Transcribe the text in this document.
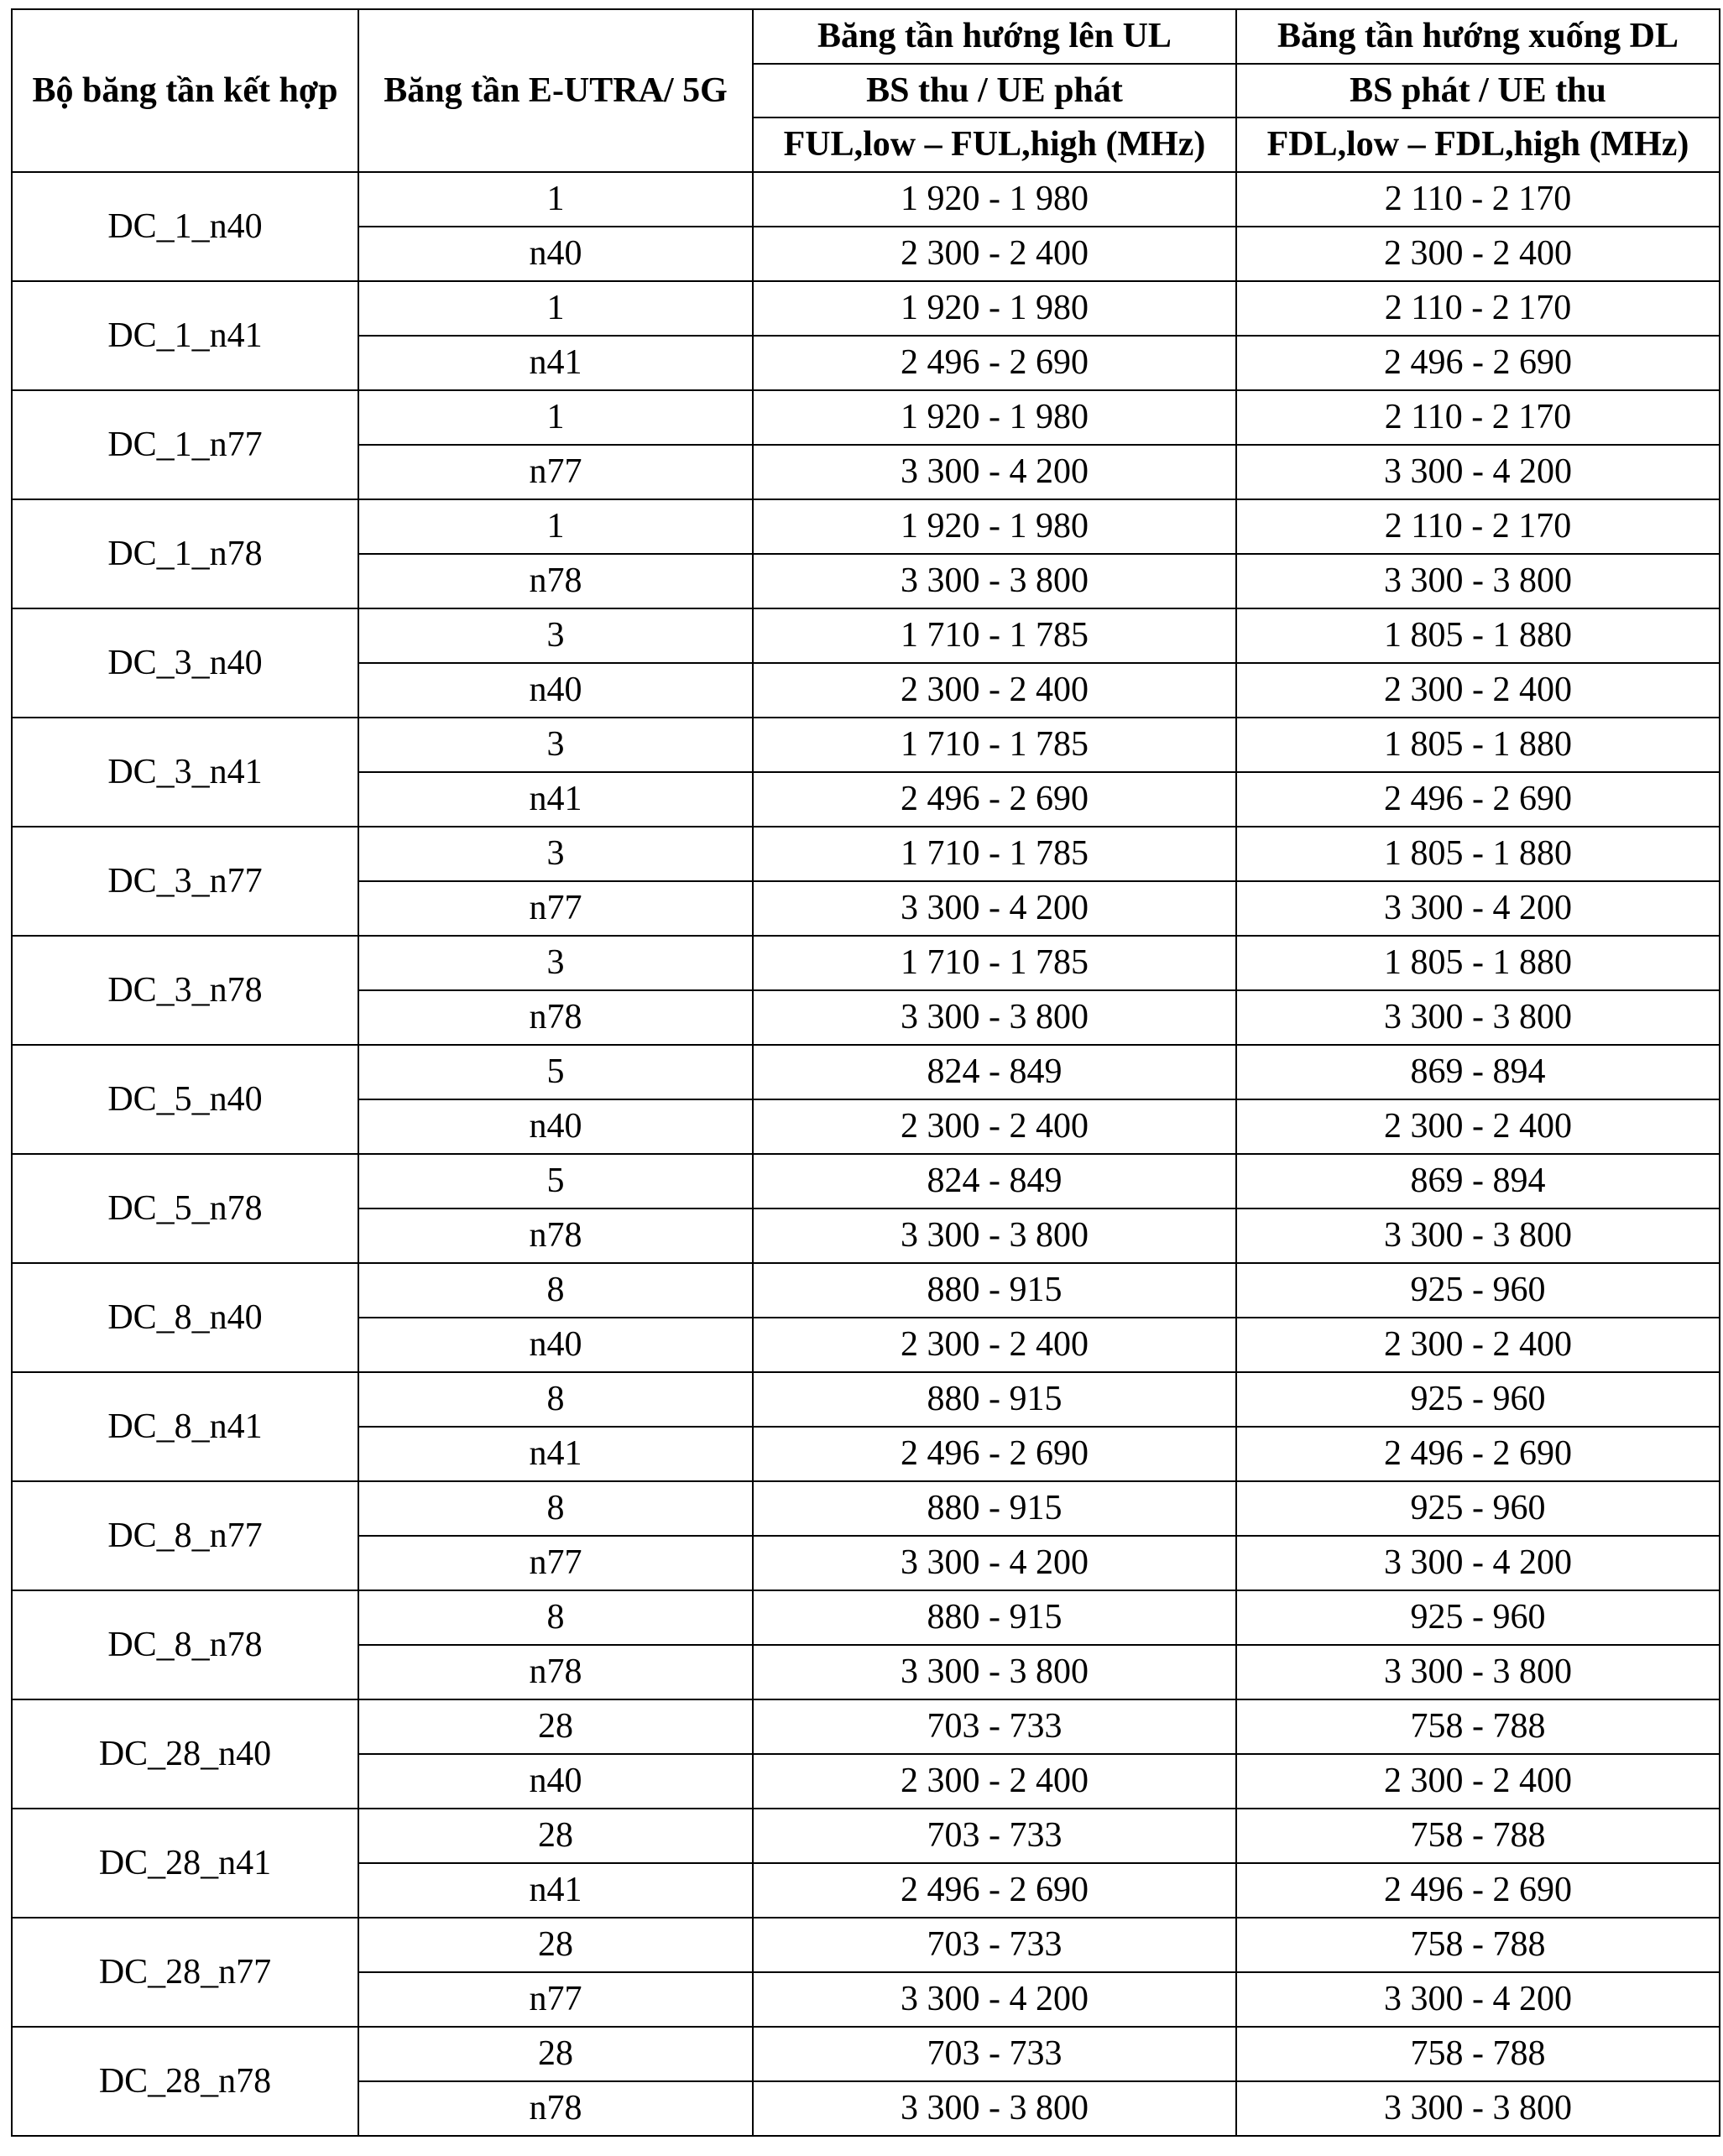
Bộ băng tần kết hợp	Băng tần E-UTRA/ 5G	Băng tần hướng lên UL	Băng tần hướng xuống DL
		BS thu / UE phát	BS phát / UE thu
		FUL,low – FUL,high (MHz)	FDL,low – FDL,high (MHz)
DC_1_n40	1	1 920 - 1 980	2 110 - 2 170
	n40	2 300 - 2 400	2 300 - 2 400
DC_1_n41	1	1 920 - 1 980	2 110 - 2 170
	n41	2 496 - 2 690	2 496 - 2 690
DC_1_n77	1	1 920 - 1 980	2 110 - 2 170
	n77	3 300 - 4 200	3 300 - 4 200
DC_1_n78	1	1 920 - 1 980	2 110 - 2 170
	n78	3 300 - 3 800	3 300 - 3 800
DC_3_n40	3	1 710 - 1 785	1 805 - 1 880
	n40	2 300 - 2 400	2 300 - 2 400
DC_3_n41	3	1 710 - 1 785	1 805 - 1 880
	n41	2 496 - 2 690	2 496 - 2 690
DC_3_n77	3	1 710 - 1 785	1 805 - 1 880
	n77	3 300 - 4 200	3 300 - 4 200
DC_3_n78	3	1 710 - 1 785	1 805 - 1 880
	n78	3 300 - 3 800	3 300 - 3 800
DC_5_n40	5	824 - 849	869 - 894
	n40	2 300 - 2 400	2 300 - 2 400
DC_5_n78	5	824 - 849	869 - 894
	n78	3 300 - 3 800	3 300 - 3 800
DC_8_n40	8	880 - 915	925 - 960
	n40	2 300 - 2 400	2 300 - 2 400
DC_8_n41	8	880 - 915	925 - 960
	n41	2 496 - 2 690	2 496 - 2 690
DC_8_n77	8	880 - 915	925 - 960
	n77	3 300 - 4 200	3 300 - 4 200
DC_8_n78	8	880 - 915	925 - 960
	n78	3 300 - 3 800	3 300 - 3 800
DC_28_n40	28	703 - 733	758 - 788
	n40	2 300 - 2 400	2 300 - 2 400
DC_28_n41	28	703 - 733	758 - 788
	n41	2 496 - 2 690	2 496 - 2 690
DC_28_n77	28	703 - 733	758 - 788
	n77	3 300 - 4 200	3 300 - 4 200
DC_28_n78	28	703 - 733	758 - 788
	n78	3 300 - 3 800	3 300 - 3 800
